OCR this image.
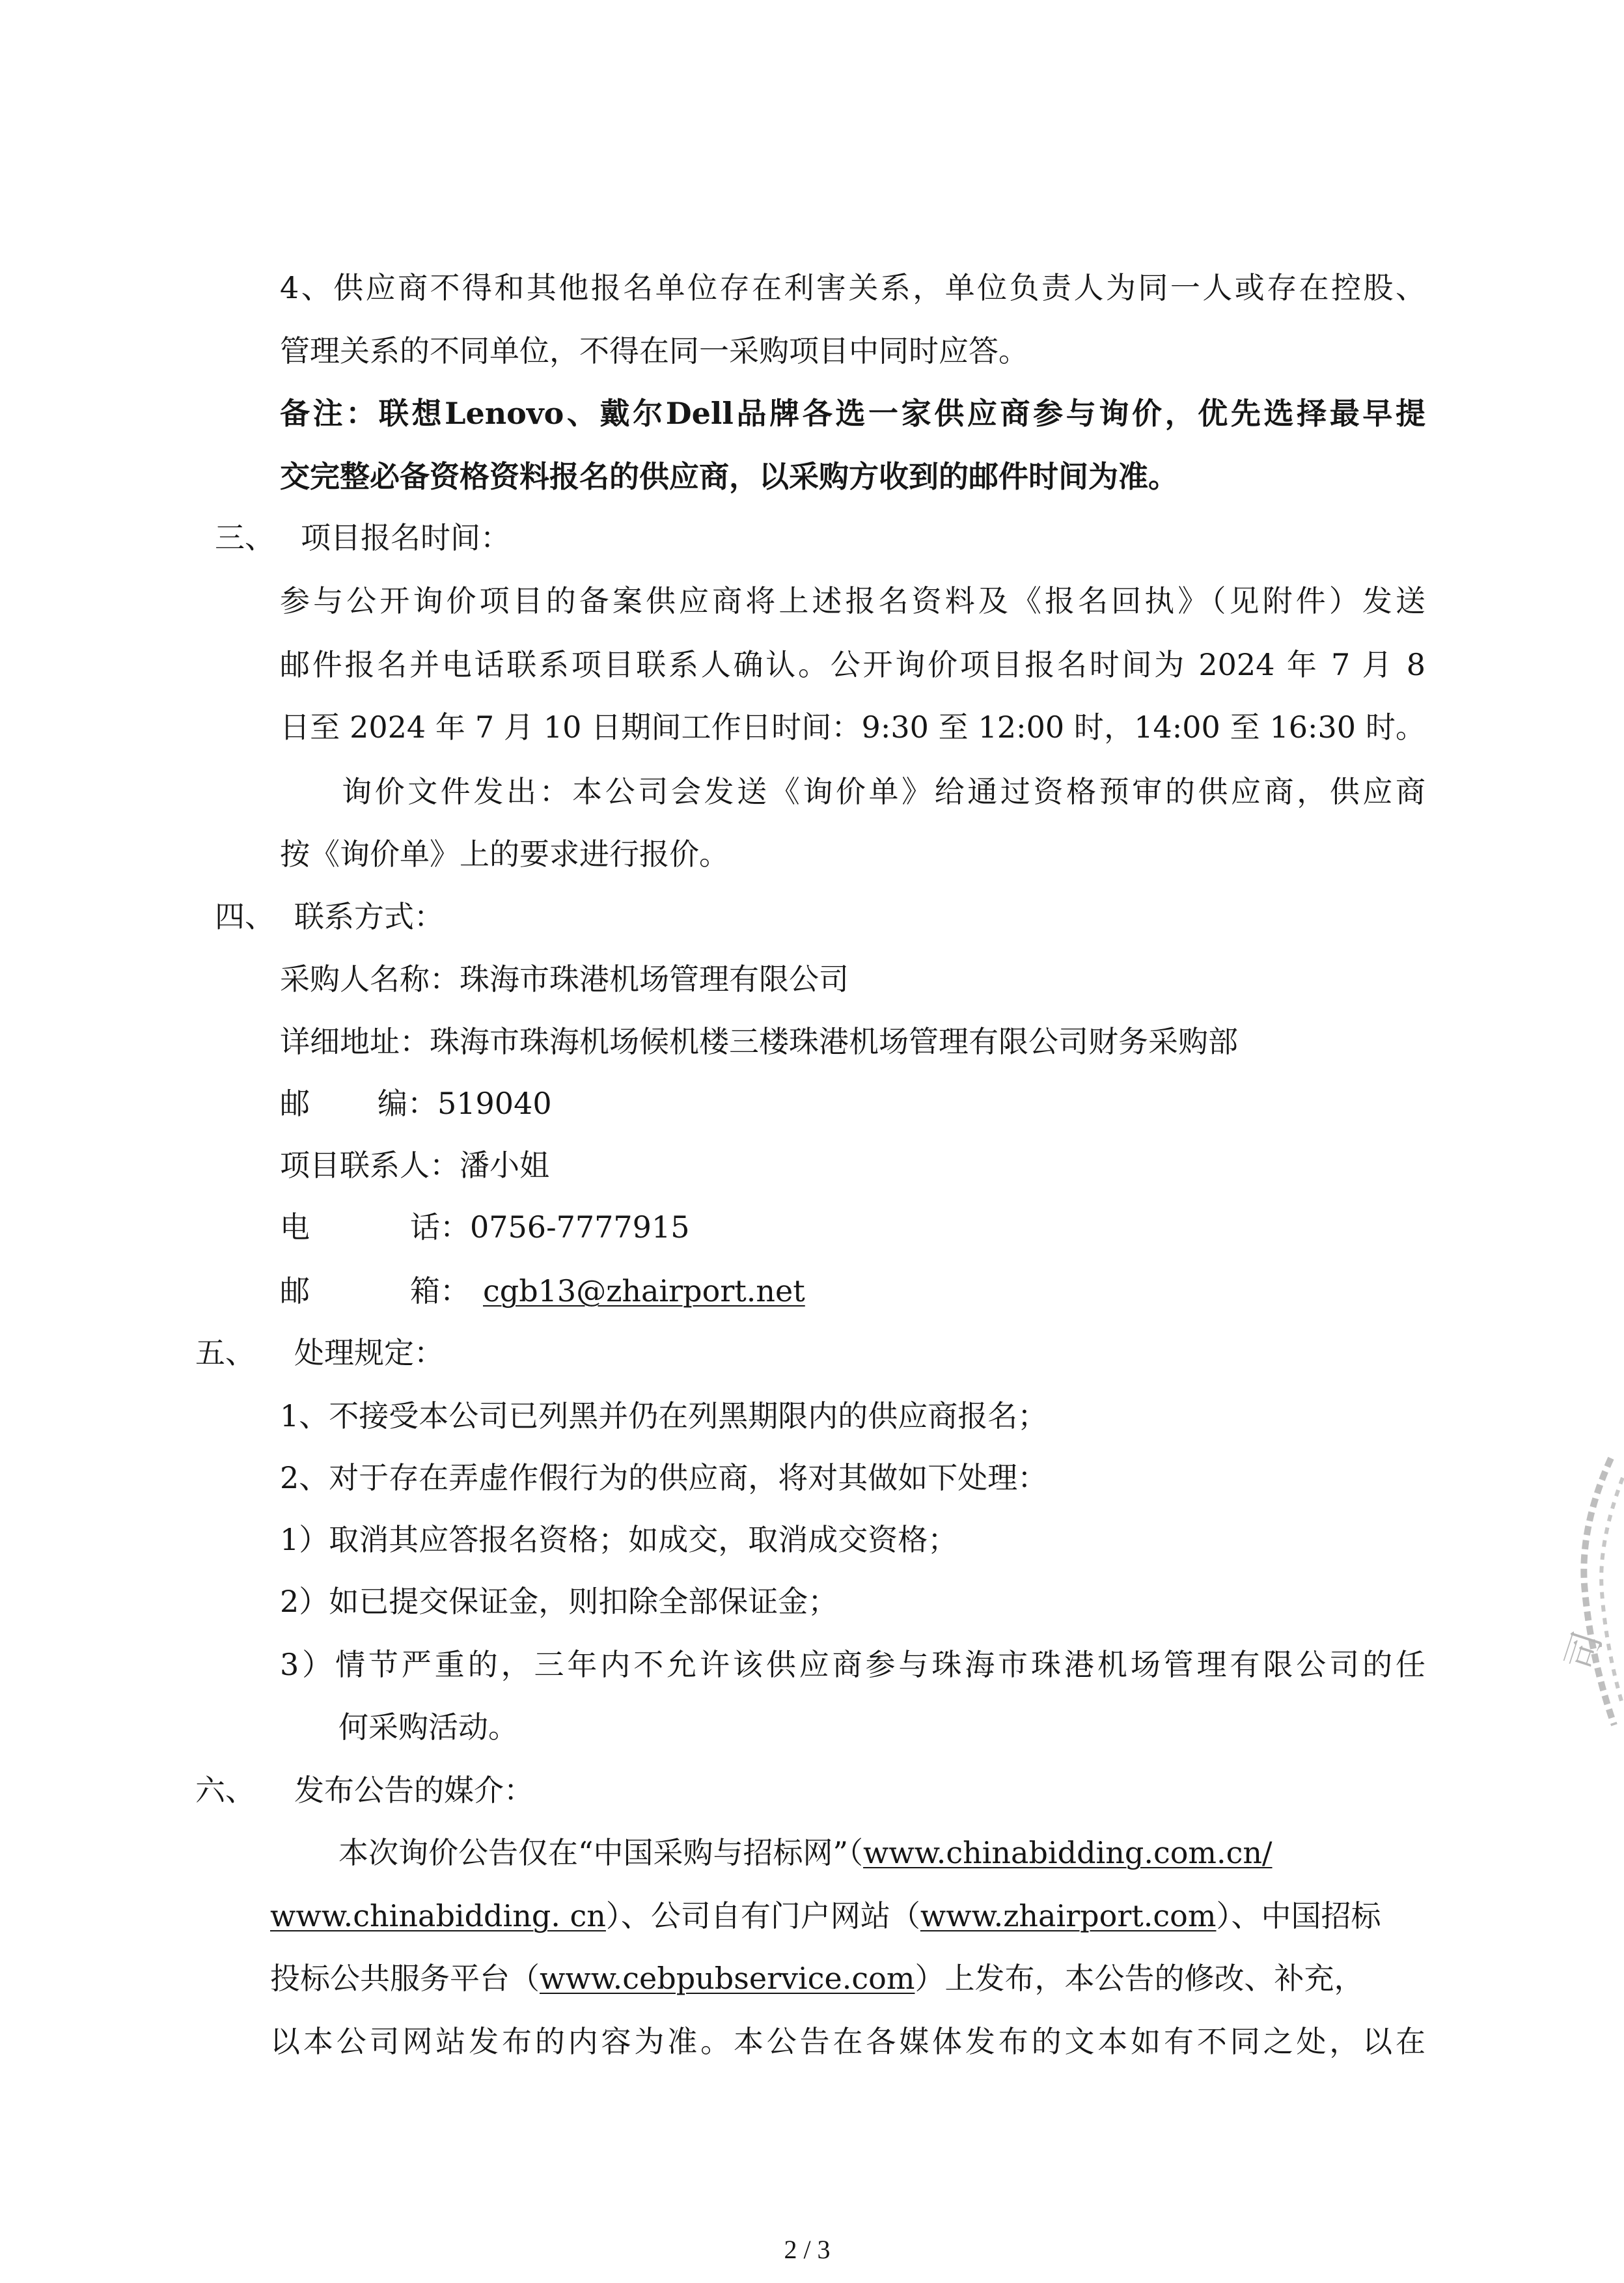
4、供应商不得和其他报名单位存在利害关系，单位负责人为同一人或存在控股、
管理关系的不同单位，不得在同一采购项目中同时应答。
备注：联想Lenovo、戴尔Dell品牌各选一家供应商参与询价，优先选择最早提
交完整必备资格资料报名的供应商，以采购方收到的邮件时间为准。
三、 项目报名时间：
参与公开询价项目的备案供应商将上述报名资料及《报名回执》（见附件）发送
邮件报名并电话联系项目联系人确认。公开询价项目报名时间为 2024 年 7 月 8
日至 2024 年 7 月 10 日期间工作日时间：9:30 至 12:00 时，14:00 至 16:30 时。
询价文件发出：本公司会发送《询价单》给通过资格预审的供应商，供应商
按《询价单》上的要求进行报价。
四、 联系方式：
采购人名称：珠海市珠港机场管理有限公司
详细地址：珠海市珠海机场候机楼三楼珠港机场管理有限公司财务采购部
邮 编：519040
项目联系人：潘小姐
电	话：0756-7777915
邮	箱： cgb13@zhairport.net
五、 处理规定：
1、不接受本公司已列黑并仍在列黑期限内的供应商报名；
2、对于存在弄虚作假行为的供应商，将对其做如下处理：
1）取消其应答报名资格；如成交，取消成交资格；
2）如已提交保证金，则扣除全部保证金；
3）情节严重的，三年内不允许该供应商参与珠海市珠港机场管理有限公司的任
何采购活动。
六、 发布公告的媒介：
本次询价公告仅在“中国采购与招标网”（www.chinabidding.com.cn/
www.chinabidding. cn）、公司自有门户网站（www.zhairport.com）、中国招标
投标公共服务平台（www.cebpubservice.com）上发布，本公告的修改、补充，
以本公司网站发布的内容为准。本公告在各媒体发布的文本如有不同之处，以在
司
2 / 3
